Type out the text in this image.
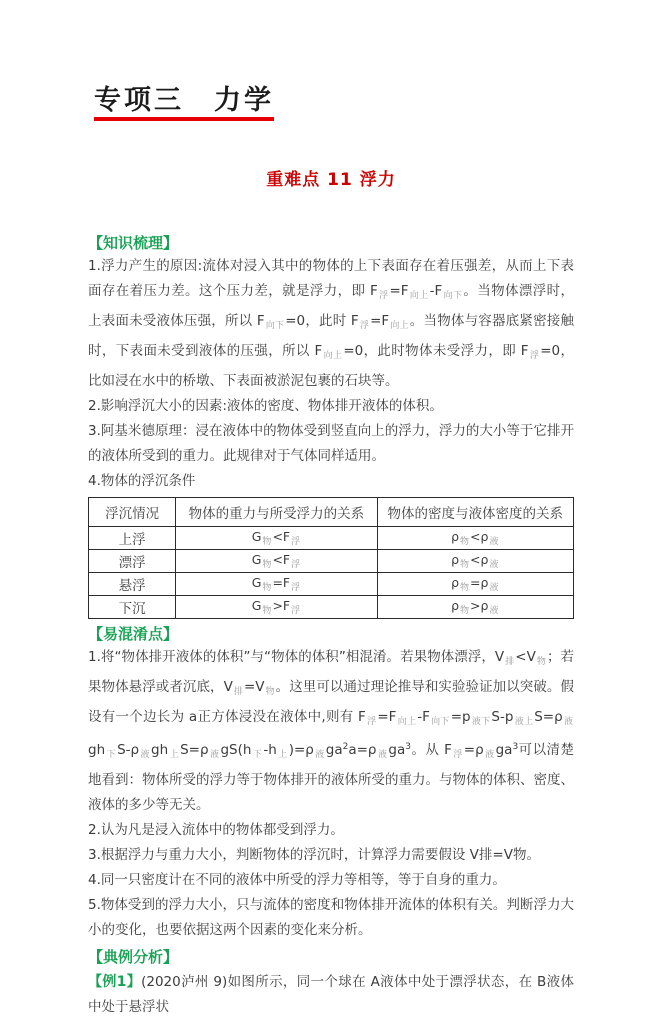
专项三　力学
重难点 11 浮力
【知识梳理】

1.浮力产生的原因:流体对浸入其中的物体的上下表面存在着压强差，从而上下表面存在着压力差。这个压力差，就是浮力，即 $F_浮=F_{向上}-F_{向下}$。当物体漂浮时，上表面未受液体压强，所以 $F_{向下}=0$，此时 $F_浮=F_{向上}$。当物体与容器底紧密接触时，下表面未受到液体的压强，所以 $F_{向上}=0$，此时物体未受浮力，即 $F_浮=0$，比如浸在水中的桥墩、下表面被淤泥包裹的石块等。

2.影响浮沉大小的因素:液体的密度、物体排开液体的体积。

3.阿基米德原理：浸在液体中的物体受到竖直向上的浮力，浮力的大小等于它排开的液体所受到的重力。此规律对于气体同样适用。

4.物体的浮沉条件

浮沉情况	物体的重力与所受浮力的关系	物体的密度与液体密度的关系
上浮	$G_物<F_浮$	$\rho_物<\rho_液$
漂浮	$G_物<F_浮$	$\rho_物<\rho_液$
悬浮	$G_物=F_浮$	$\rho_物=\rho_液$
下沉	$G_物>F_浮$	$\rho_物>\rho_液$
【易混淆点】

1.将“物体排开液体的体积”与“物体的体积”相混淆。若果物体漂浮，$V_排<V_物$；若果物体悬浮或者沉底，$V_排=V_物$。这里可以通过理论推导和实验验证加以突破。假设有一个边长为 a正方体浸没在液体中,则有 $F_浮=F_{向上}-F_{向下}=p_{液下}S-p_{液上}S=\rho_液gh_下S-\rho_液gh_上S=\rho_液gS(h_下-h_上)=\rho_液ga^2a=\rho_液ga^3$。从 $F_浮=\rho_液ga^3$可以清楚地看到：物体所受的浮力等于物体排开的液体所受的重力。与物体的体积、密度、液体的多少等无关。

2.认为凡是浸入流体中的物体都受到浮力。

3.根据浮力与重力大小，判断物体的浮沉时，计算浮力需要假设 V排=V物。

4.同一只密度计在不同的液体中所受的浮力等相等，等于自身的重力。

5.物体受到的浮力大小，只与流体的密度和物体排开流体的体积有关。判断浮力大小的变化，也要依据这两个因素的变化来分析。

【典例分析】

【例1】(2020泸州 9)如图所示，同一个球在 A液体中处于漂浮状态，在 B液体中处于悬浮状
